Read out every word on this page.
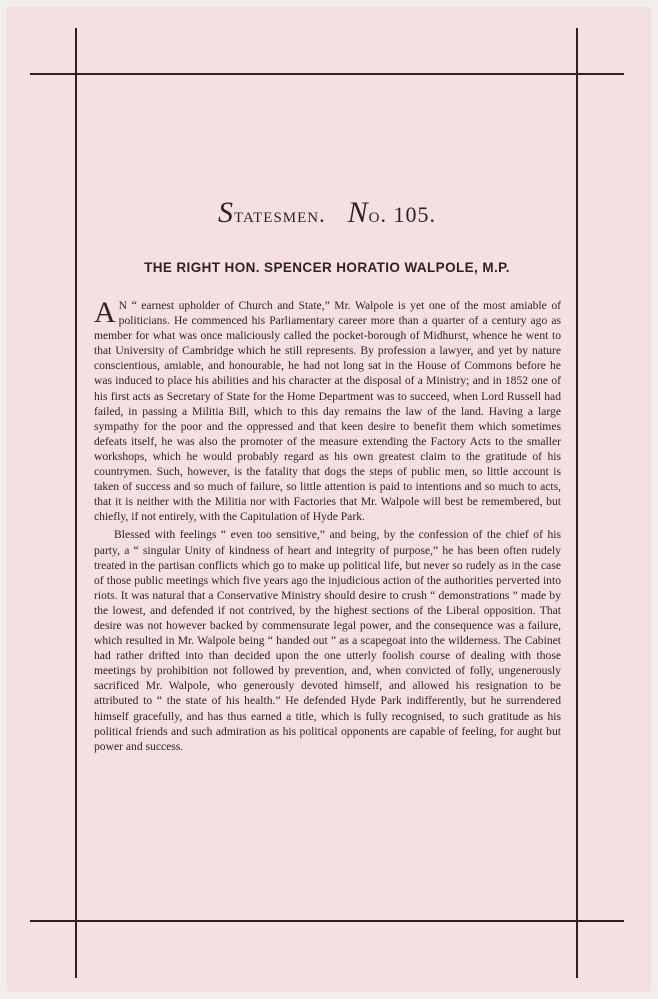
Statesmen. No. 105.
THE RIGHT HON. SPENCER HORATIO WALPOLE, M.P.

A N “ earnest upholder of Church and State,” Mr. Walpole is yet one of the most amiable of politicians. He commenced his Parliamentary career more than a quarter of a century ago as member for what was once maliciously called the pocket-borough of Midhurst, whence he went to that University of Cambridge which he still represents. By profession a lawyer, and yet by nature conscientious, amiable, and honourable, he had not long sat in the House of Commons before he was induced to place his abilities and his character at the disposal of a Ministry; and in 1852 one of his first acts as Secretary of State for the Home Department was to succeed, when Lord Russell had failed, in passing a Militia Bill, which to this day remains the law of the land. Having a large sympathy for the poor and the oppressed and that keen desire to benefit them which sometimes defeats itself, he was also the promoter of the measure extending the Factory Acts to the smaller workshops, which he would probably regard as his own greatest claim to the gratitude of his countrymen. Such, however, is the fatality that dogs the steps of public men, so little account is taken of success and so much of failure, so little attention is paid to intentions and so much to acts, that it is neither with the Militia nor with Factories that Mr. Walpole will best be remembered, but chiefly, if not entirely, with the Capitulation of Hyde Park.

Blessed with feelings “ even too sensitive,” and being, by the confession of the chief of his party, a “ singular Unity of kindness of heart and integrity of purpose,” he has been often rudely treated in the partisan conflicts which go to make up political life, but never so rudely as in the case of those public meetings which five years ago the injudicious action of the authorities perverted into riots. It was natural that a Conservative Ministry should desire to crush “ demonstrations ” made by the lowest, and defended if not contrived, by the highest sections of the Liberal opposition. That desire was not however backed by commensurate legal power, and the consequence was a failure, which resulted in Mr. Walpole being “ handed out ” as a scapegoat into the wilderness. The Cabinet had rather drifted into than decided upon the one utterly foolish course of dealing with those meetings by prohibition not followed by prevention, and, when convicted of folly, ungenerously sacrificed Mr. Walpole, who generously devoted himself, and allowed his resignation to be attributed to “ the state of his health.” He defended Hyde Park indifferently, but he surrendered himself gracefully, and has thus earned a title, which is fully recognised, to such gratitude as his political friends and such admiration as his political opponents are capable of feeling, for aught but power and success.
